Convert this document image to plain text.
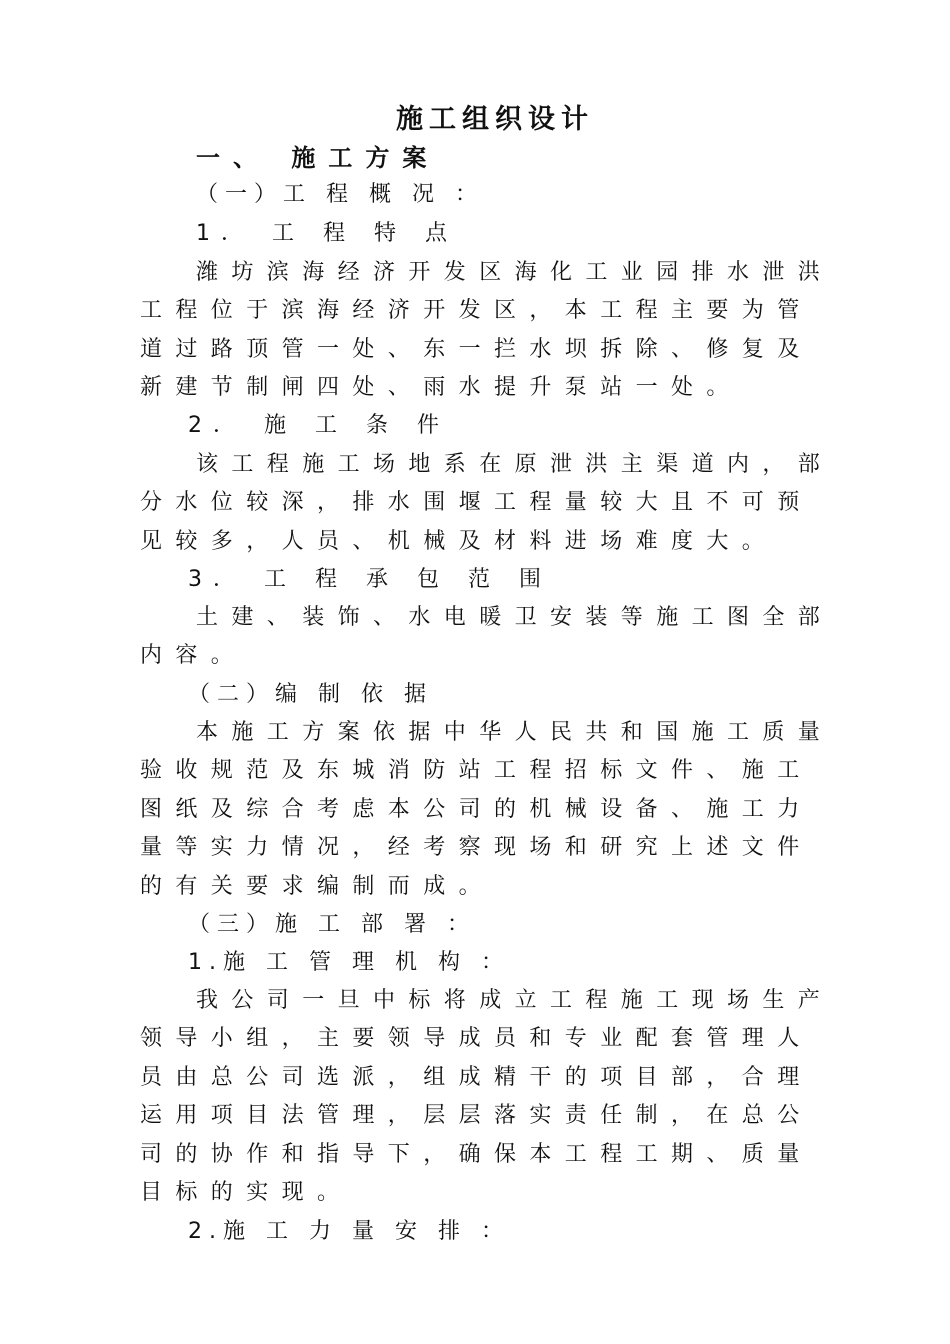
施工组织设计
一、 施工方案
（一）工 程 概 况 ：
1． 工 程 特 点
潍坊滨海经济开发区海化工业园排水泄洪工程位于滨海经济开发区，本工程主要为管道过路顶管一处、东一拦水坝拆除、修复及新建节制闸四处、雨水提升泵站一处。
2． 施 工 条 件
该工程施工场地系在原泄洪主渠道内，部分水位较深，排水围堰工程量较大且不可预见较多，人员、机械及材料进场难度大。
3． 工 程 承 包 范 围
土建、装饰、水电暖卫安装等施工图全部内容。
（二）编 制 依 据
本施工方案依据中华人民共和国施工质量验收规范及东城消防站工程招标文件、施工图纸及综合考虑本公司的机械设备、施工力量等实力情况，经考察现场和研究上述文件的有关要求编制而成。
（三）施 工 部 署 ：
1.施 工 管 理 机 构 ：
我公司一旦中标将成立工程施工现场生产领导小组，主要领导成员和专业配套管理人员由总公司选派，组成精干的项目部，合理运用项目法管理，层层落实责任制，在总公司的协作和指导下，确保本工程工期、质量目标的实现。
2.施 工 力 量 安 排 ：
